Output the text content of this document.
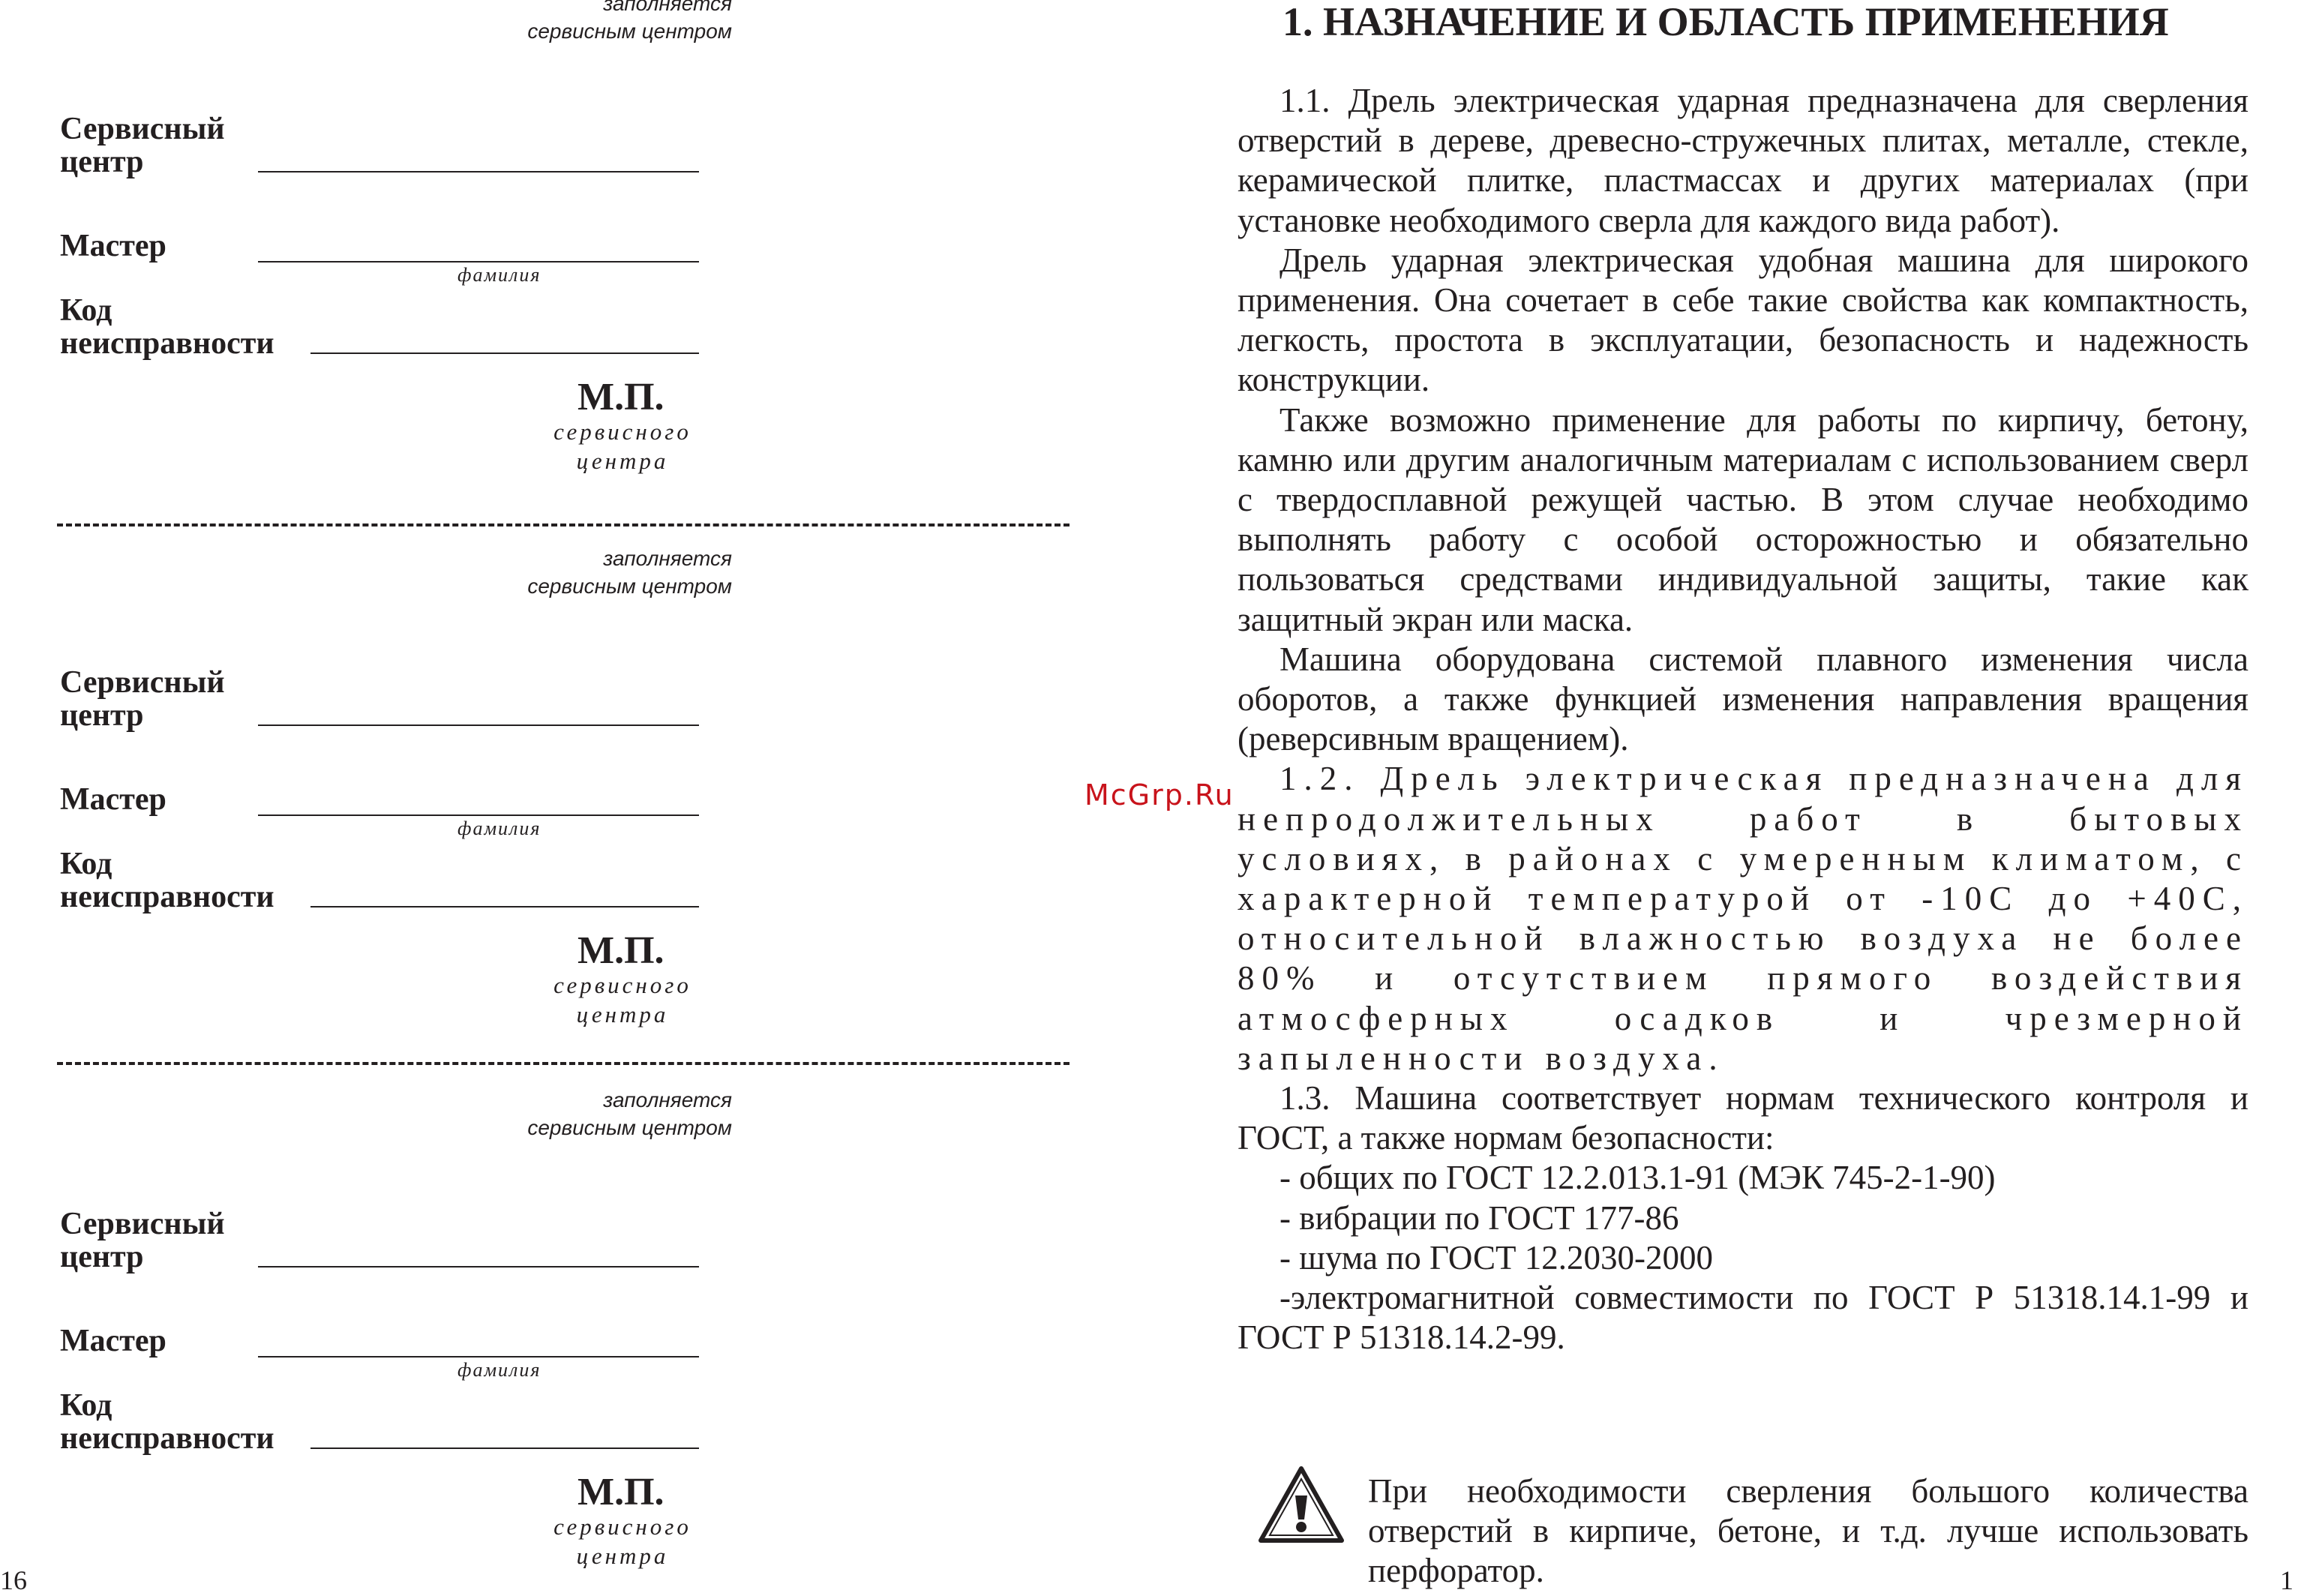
заполняется
сервисным центром
Сервисный
центр
Мастер
фамилия
Код
неисправности
М.П.
сервисного
центра
заполняется
сервисным центром
Сервисный
центр
Мастер
фамилия
Код
неисправности
М.П.
сервисного
центра
заполняется
сервисным центром
Сервисный
центр
Мастер
фамилия
Код
неисправности
М.П.
сервисного
центра
16
McGrp.Ru
1. НАЗНАЧЕНИЕ И ОБЛАСТЬ ПРИМЕНЕНИЯ

1.1. Дрель электрическая ударная предназначена для сверления отверстий в дереве, древесно-стружечных плитах, металле, стекле, керамической плитке, пластмассах и других материалах (при установке необходимого сверла для каждого вида работ).

Дрель ударная электрическая удобная машина для широкого применения. Она сочетает в себе такие свойства как компактность, легкость, простота в эксплуатации, безопасность и надежность конструкции.

Также возможно применение для работы по кирпичу, бетону, камню или другим аналогичным материалам с использованием сверл с твердосплавной режущей частью. В этом случае необходимо выполнять работу с особой осторожностью и обязательно пользоваться средствами индивидуальной защиты, такие как защитный экран или маска.

Машина оборудована системой плавного изменения числа оборотов, а также функцией изменения направления вращения (реверсивным вращением).

1.2. Дрель электрическая предназначена для непродолжительных работ в бытовых условиях, в районах с умеренным климатом, с характерной температурой от -10С до +40С, относительной влажностью воздуха не более 80% и отсутствием прямого воздействия атмосферных осадков и чрезмерной запыленности воздуха.

1.3. Машина соответствует нормам технического контроля и ГОСТ, а также нормам безопасности:

- общих по ГОСТ 12.2.013.1-91 (МЭК 745-2-1-90)

- вибрации по ГОСТ 177-86

- шума по ГОСТ 12.2030-2000

-электромагнитной совместимости по ГОСТ Р 51318.14.1-99 и ГОСТ Р 51318.14.2-99.

При необходимости сверления большого количества отверстий в кирпиче, бетоне, и т.д. лучше использовать перфоратор.	1
